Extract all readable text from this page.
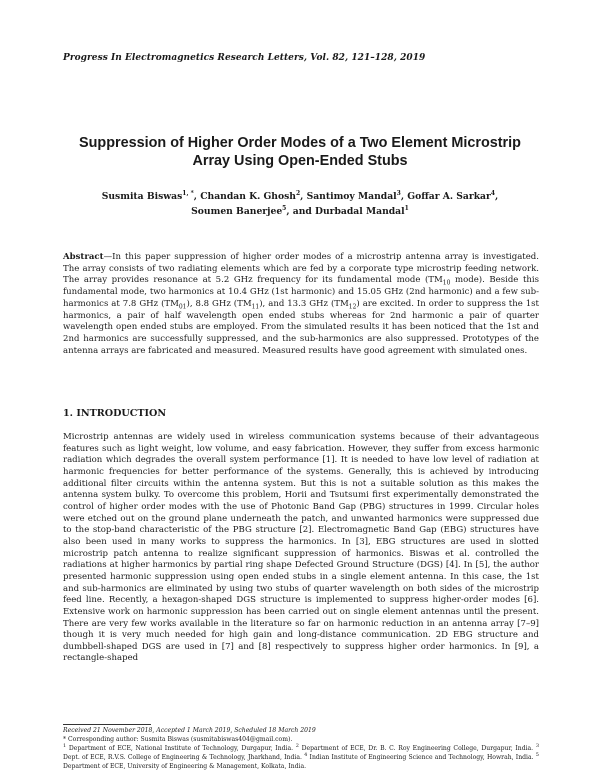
Progress In Electromagnetics Research Letters, Vol. 82, 121–128, 2019
Suppression of Higher Order Modes of a Two Element Microstrip
Array Using Open-Ended Stubs
Susmita Biswas$^{1, *}$, Chandan K. Ghosh$^2$, Santimoy Mandal$^3$, Goffar A. Sarkar$^4$,
Soumen Banerjee$^5$, and Durbadal Mandal$^1$
Abstract—In this paper suppression of higher order modes of a microstrip antenna array is investigated. The array consists of two radiating elements which are fed by a corporate type microstrip feeding network. The array provides resonance at 5.2 GHz frequency for its fundamental mode ($TM_{10}$ mode). Beside this fundamental mode, two harmonics at 10.4 GHz (1st harmonic) and 15.05 GHz (2nd harmonic) and a few sub-harmonics at 7.8 GHz $(TM_{01})$, 8.8 GHz $(TM_{11})$, and 13.3 GHz $(TM_{12})$ are excited. In order to suppress the 1st harmonics, a pair of half wavelength open ended stubs whereas for 2nd harmonic a pair of quarter wavelength open ended stubs are employed. From the simulated results it has been noticed that the 1st and 2nd harmonics are successfully suppressed, and the sub-harmonics are also suppressed. Prototypes of the antenna arrays are fabricated and measured. Measured results have good agreement with simulated ones.
1. INTRODUCTION
Microstrip antennas are widely used in wireless communication systems because of their advantageous features such as light weight, low volume, and easy fabrication. However, they suffer from excess harmonic radiation which degrades the overall system performance [1]. It is needed to have low level of radiation at harmonic frequencies for better performance of the systems. Generally, this is achieved by introducing additional filter circuits within the antenna system. But this is not a suitable solution as this makes the antenna system bulky. To overcome this problem, Horii and Tsutsumi first experimentally demonstrated the control of higher order modes with the use of Photonic Band Gap (PBG) structures in 1999. Circular holes were etched out on the ground plane underneath the patch, and unwanted harmonics were suppressed due to the stop-band characteristic of the PBG structure [2]. Electromagnetic Band Gap (EBG) structures have also been used in many works to suppress the harmonics. In [3], EBG structures are used in slotted microstrip patch antenna to realize significant suppression of harmonics. Biswas et al. controlled the radiations at higher harmonics by partial ring shape Defected Ground Structure (DGS) [4]. In [5], the author presented harmonic suppression using open ended stubs in a single element antenna. In this case, the 1st and sub-harmonics are eliminated by using two stubs of quarter wavelength on both sides of the microstrip feed line. Recently, a hexagon-shaped DGS structure is implemented to suppress higher-order modes [6]. Extensive work on harmonic suppression has been carried out on single element antennas until the present. There are very few works available in the literature so far on harmonic reduction in an antenna array [7–9] though it is very much needed for high gain and long-distance communication. 2D EBG structure and dumbbell-shaped DGS are used in [7] and [8] respectively to suppress higher order harmonics. In [9], a rectangle-shaped
Received 21 November 2018, Accepted 1 March 2019, Scheduled 18 March 2019
* Corresponding author: Susmita Biswas (susmitabiswas404@gmail.com).
$^1$ Department of ECE, National Institute of Technology, Durgapur, India. $^2$ Department of ECE, Dr. B. C. Roy Engineering College, Durgapur, India. $^3$ Dept. of ECE, R.V.S. College of Engineering & Technology, Jharkhand, India. $^4$ Indian Institute of Engineering Science and Technology, Howrah, India. $^5$ Department of ECE, University of Engineering & Management, Kolkata, India.
